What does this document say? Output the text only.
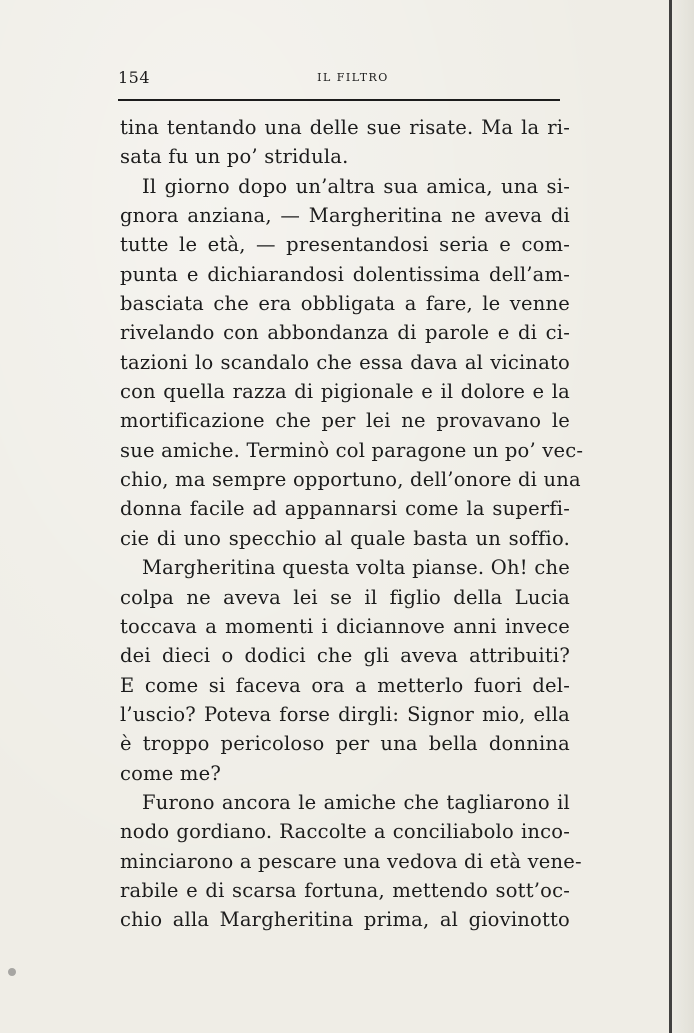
154	IL FILTRO
tina tentando una delle sue risate. Ma la ri-
sata fu un po’ stridula.
Il giorno dopo un’altra sua amica, una si-
gnora anziana, — Margheritina ne aveva di
tutte le età, — presentandosi seria e com-
punta e dichiarandosi dolentissima dell’am-
basciata che era obbligata a fare, le venne
rivelando con abbondanza di parole e di ci-
tazioni lo scandalo che essa dava al vicinato
con quella razza di pigionale e il dolore e la
mortificazione che per lei ne provavano le
sue amiche. Terminò col paragone un po’ vec-
chio, ma sempre opportuno, dell’onore di una
donna facile ad appannarsi come la superfi-
cie di uno specchio al quale basta un soffio.
Margheritina questa volta pianse. Oh! che
colpa ne aveva lei se il figlio della Lucia
toccava a momenti i diciannove anni invece
dei dieci o dodici che gli aveva attribuiti?
E come si faceva ora a metterlo fuori del-
l’uscio? Poteva forse dirgli: Signor mio, ella
è troppo pericoloso per una bella donnina
come me?
Furono ancora le amiche che tagliarono il
nodo gordiano. Raccolte a conciliabolo inco-
minciarono a pescare una vedova di età vene-
rabile e di scarsa fortuna, mettendo sott’oc-
chio alla Margheritina prima, al giovinotto
